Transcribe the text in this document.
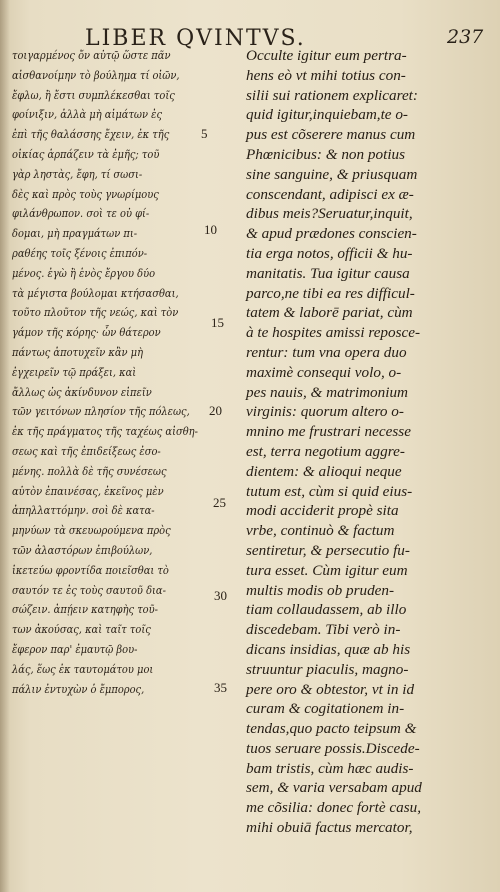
LIBER QVINTVS.	237
τοιγαρμένος ὄν αὐτῷ ὥστε πᾶν
αἰσθανοίμην τὸ βούλημα τί οἱῶν,
ἔφλω, ἢ ἔστι συμπλέκεσθαι τοῖς
φοίνιξιν, ἀλλὰ μὴ αἱμάτων ἐς
ἐπὶ τῆς θαλάσσης ἔχειν, ἐκ τῆς
οἰκίας ἁρπάζειν τὰ ἐμῆς; τοῦ
γὰρ ληστὰς, ἔφη, τί σωσι-
δὲς καὶ πρὸς τοὺς γνωρίμους
φιλάνθρωπον. σοὶ τε οὐ φί-
δομαι, μὴ πραγμάτων πι-
ραθέης τοῖς ξένοις ἐπιπόν-
μένος. ἐγὼ ἢ ἑνὸς ἔργου δύο
τὰ μέγιστα βούλομαι κτήσασθαι,
τοῦτο πλοῦτον τῆς νεώς, καὶ τὸν
γάμον τῆς κόρης· ὧν θάτερον
πάντως ἀποτυχεῖν κἂν μὴ
ἐγχειρεῖν τῷ πράξει, καὶ
ἄλλως ὡς ἀκίνδυνον εἰπεῖν
τῶν γειτόνων πλησίον τῆς πόλεως,
ἐκ τῆς πράγματος τῆς ταχέως αἰσθη-
σεως καὶ τῆς ἐπιδείξεως ἐσο-
μένης. πολλὰ δὲ τῆς συνέσεως
αὐτὸν ἐπαινέσας, ἐκεῖνος μὲν
ἀπηλλαττόμην. σοὶ δὲ κατα-
μηνύων τὰ σκευωρούμενα πρὸς
τῶν ἀλαστόρων ἐπιβούλων,
ἱκετεύω φροντίδα ποιεῖσθαι τὸ
σαυτόν τε ἐς τοὺς σαυτοῦ δια-
σώζειν. ἀπῄειν κατηφὴς τοῦ-
των ἀκούσας, καὶ ταῖτ τοῖς
ἔφερον παρ' ἐμαυτῷ βου-
λάς, ἕως ἐκ ταυτομάτου μοι
πάλιν ἐντυχὼν ὁ ἔμπορος,
Occulte igitur eum pertra-
hens eò vt mihi totius con-
silii sui rationem explicaret:
quid igitur,inquiebam,te o-
pus est cõserere manus cum
Phœnicibus: & non potius
sine sanguine, & priusquam
conscendant, adipisci ex æ-
dibus meis?Seruatur,inquit,
& apud prædones conscien-
tia erga notos, officii & hu-
manitatis. Tua igitur causa
parco,ne tibi ea res difficul-
tatem & laborē pariat, cùm
à te hospites amissi reposce-
rentur: tum vna opera duo
maximè consequi volo, o-
pes nauis, & matrimonium
virginis: quorum altero o-
mnino me frustrari necesse
est, terra negotium aggre-
dientem: & alioqui neque
tutum est, cùm si quid eius-
modi acciderit propè sita
vrbe, continuò & factum
sentiretur, & persecutio fu-
tura esset. Cùm igitur eum
multis modis ob pruden-
tiam collaudassem, ab illo
discedebam. Tibi verò in-
dicans insidias, quæ ab his
struuntur piaculis, magno-
pere oro & obtestor, vt in id
curam & cogitationem in-
tendas,quo pacto teipsum &
tuos seruare possis.Discede-
bam tristis, cùm hæc audis-
sem, & varia versabam apud
me cõsilia: donec fortè casu,
mihi obuiā factus mercator,
5
10
15
20
25
30
35
